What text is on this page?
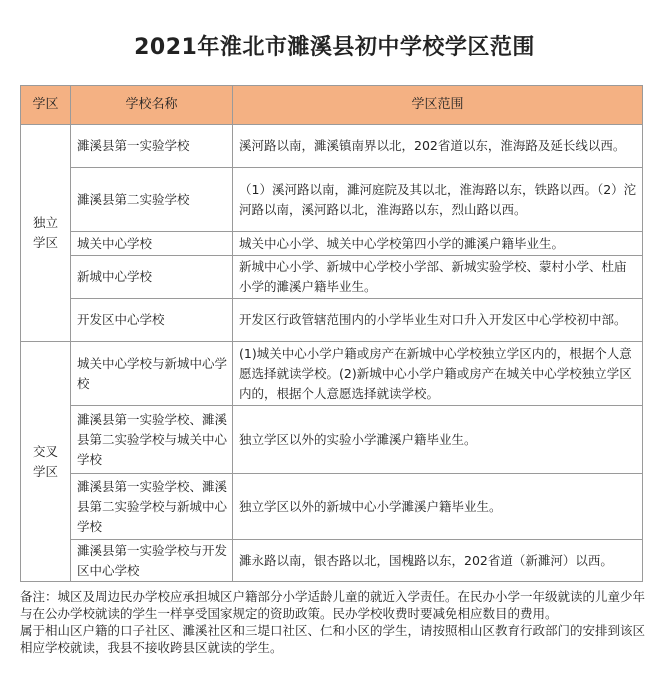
2021年淮北市濉溪县初中学校学区范围
学区	学校名称	学区范围
独立
学区	濉溪县第一实验学校	溪河路以南，濉溪镇南界以北，202省道以东，淮海路及延长线以西。
	濉溪县第二实验学校	（1）溪河路以南，濉河庭院及其以北，淮海路以东，铁路以西。（2）沱河路以南，溪河路以北，淮海路以东，烈山路以西。
	城关中心学校	城关中心小学、城关中心学校第四小学的濉溪户籍毕业生。
	新城中心学校	新城中心小学、新城中心学校小学部、新城实验学校、蒙村小学、杜庙小学的濉溪户籍毕业生。
	开发区中心学校	开发区行政管辖范围内的小学毕业生对口升入开发区中心学校初中部。
交叉
学区	城关中心学校与新城中心学校	(1)城关中心小学户籍或房产在新城中心学校独立学区内的，根据个人意愿选择就读学校。(2)新城中心小学户籍或房产在城关中心学校独立学区内的，根据个人意愿选择就读学校。
	濉溪县第一实验学校、濉溪县第二实验学校与城关中心学校	独立学区以外的实验小学濉溪户籍毕业生。
	濉溪县第一实验学校、濉溪县第二实验学校与新城中心学校	独立学区以外的新城中心小学濉溪户籍毕业生。
	濉溪县第一实验学校与开发区中心学校	濉永路以南，银杏路以北，国槐路以东，202省道（新濉河）以西。

备注：城区及周边民办学校应承担城区户籍部分小学适龄儿童的就近入学责任。在民办小学一年级就读的儿童少年与在公办学校就读的学生一样享受国家规定的资助政策。民办学校收费时要减免相应数目的费用。

属于相山区户籍的口子社区、濉溪社区和三堤口社区、仁和小区的学生，请按照相山区教育行政部门的安排到该区相应学校就读，我县不接收跨县区就读的学生。
